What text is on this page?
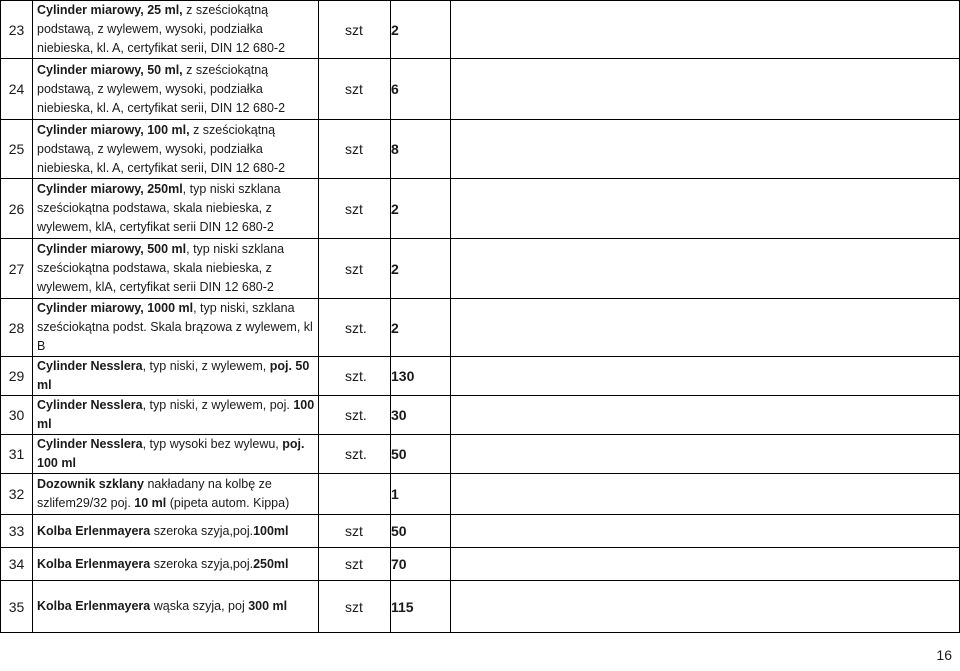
23	Cylinder miarowy, 25 ml, z sześciokątną podstawą, z wylewem, wysoki, podziałka niebieska, kl. A, certyfikat serii, DIN 12 680-2	szt	2	
24	Cylinder miarowy, 50 ml, z sześciokątną podstawą, z wylewem, wysoki, podziałka niebieska, kl. A, certyfikat serii, DIN 12 680-2	szt	6	
25	Cylinder miarowy, 100 ml, z sześciokątną podstawą, z wylewem, wysoki, podziałka niebieska, kl. A, certyfikat serii, DIN 12 680-2	szt	8	
26	Cylinder miarowy, 250ml, typ niski szklana sześciokątna podstawa, skala niebieska, z wylewem, klA, certyfikat serii DIN 12 680-2	szt	2	
27	Cylinder miarowy, 500 ml, typ niski szklana sześciokątna podstawa, skala niebieska, z wylewem, klA, certyfikat serii DIN 12 680-2	szt	2	
28	Cylinder miarowy, 1000 ml, typ niski, szklana sześciokątna podst. Skala brązowa z wylewem, kl B	szt.	2	
29	Cylinder Nesslera, typ niski, z wylewem, poj. 50 ml	szt.	130	
30	Cylinder Nesslera, typ niski, z wylewem, poj. 100 ml	szt.	30	
31	Cylinder Nesslera, typ wysoki bez wylewu, poj. 100 ml	szt.	50	
32	Dozownik szklany nakładany na kolbę ze szlifem29/32 poj. 10 ml (pipeta autom. Kippa)		1	
33	Kolba Erlenmayera szeroka szyja,poj.100ml	szt	50	
34	Kolba Erlenmayera szeroka szyja,poj.250ml	szt	70	
35	Kolba Erlenmayera wąska szyja, poj 300 ml	szt	115	
16
